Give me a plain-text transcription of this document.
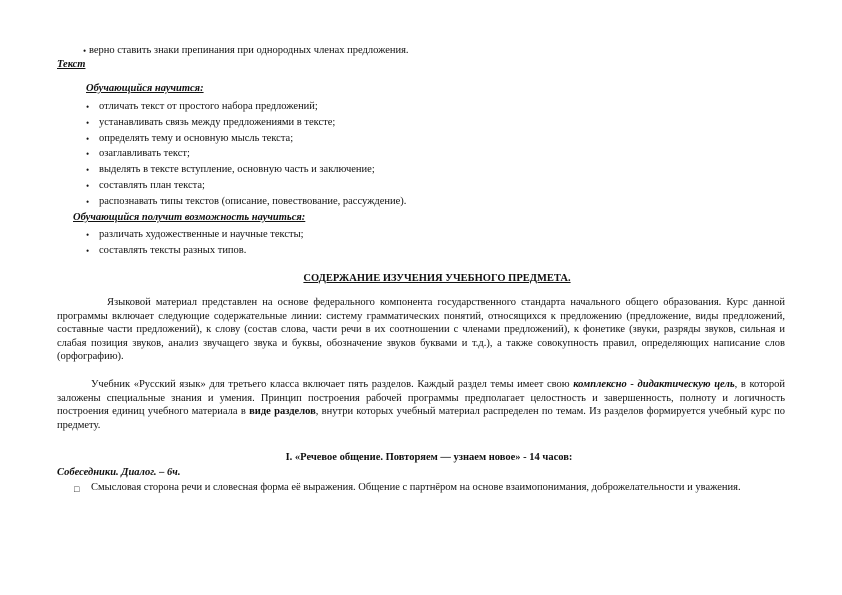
• верно ставить знаки препинания при однородных членах предложения.
Текст
Обучающийся научится:
• отличать текст от простого набора предложений;
• устанавливать связь между предложениями в тексте;
• определять тему и основную мысль текста;
• озаглавливать текст;
• выделять в тексте вступление, основную часть и заключение;
• составлять план текста;
• распознавать типы текстов (описание, повествование, рассуждение).
Обучающийся получит возможность научиться:
• различать художественные и научные тексты;
• составлять тексты разных типов.
СОДЕРЖАНИЕ ИЗУЧЕНИЯ УЧЕБНОГО ПРЕДМЕТА.
Языковой материал представлен на основе федерального компонента государственного стандарта начального общего образования. Курс данной программы включает следующие содержательные линии: систему грамматических понятий, относящихся к предложению (предложение, виды предложений, составные части предложений), к слову (состав слова, части речи в их соотношении с членами предложений), к фонетике (звуки, разряды звуков, сильная и слабая позиция звуков, анализ звучащего звука и буквы, обозначение звуков буквами и т.д.), а также совокупность правил, определяющих написание слов (орфографию).
Учебник «Русский язык» для третьего класса включает пять разделов. Каждый раздел темы имеет свою комплексно - дидактическую цель, в которой заложены специальные знания и умения. Принцип построения рабочей программы предполагает целостность и завершенность, полноту и логичность построения единиц учебного материала в виде разделов, внутри которых учебный материал распределен по темам. Из разделов формируется учебный курс по предмету.
I. «Речевое общение. Повторяем — узнаем новое» - 14 часов:
Собеседники. Диалог. – 6ч.
□ Смысловая сторона речи и словесная форма её выражения. Общение с партнёром на основе взаимопонимания, доброжелательности и уважения.
